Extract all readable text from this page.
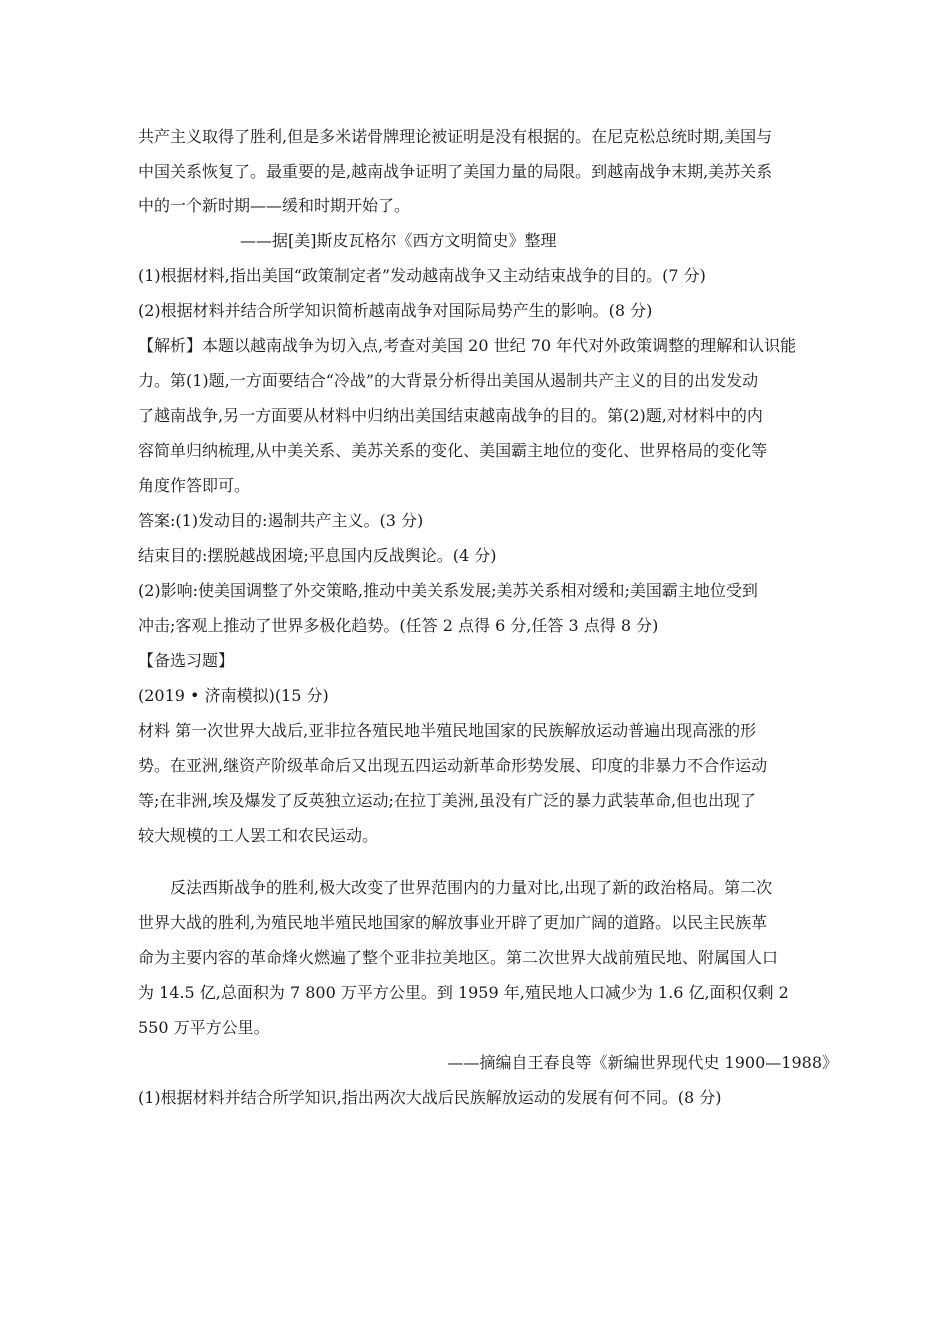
共产主义取得了胜利,但是多米诺骨牌理论被证明是没有根据的。在尼克松总统时期,美国与
中国关系恢复了。最重要的是,越南战争证明了美国力量的局限。到越南战争末期,美苏关系
中的一个新时期——缓和时期开始了。
——据[美]斯皮瓦格尔《西方文明简史》整理
(1)根据材料,指出美国“政策制定者”发动越南战争又主动结束战争的目的。(7 分)
(2)根据材料并结合所学知识简析越南战争对国际局势产生的影响。(8 分)
【解析】本题以越南战争为切入点,考查对美国 20 世纪 70 年代对外政策调整的理解和认识能
力。第(1)题,一方面要结合“冷战”的大背景分析得出美国从遏制共产主义的目的出发发动
了越南战争,另一方面要从材料中归纳出美国结束越南战争的目的。第(2)题,对材料中的内
容简单归纳梳理,从中美关系、美苏关系的变化、美国霸主地位的变化、世界格局的变化等
角度作答即可。
答案:(1)发动目的:遏制共产主义。(3 分)
结束目的:摆脱越战困境;平息国内反战舆论。(4 分)
(2)影响:使美国调整了外交策略,推动中美关系发展;美苏关系相对缓和;美国霸主地位受到
冲击;客观上推动了世界多极化趋势。(任答 2 点得 6 分,任答 3 点得 8 分)
【备选习题】
(2019 • 济南模拟)(15 分)
材料 第一次世界大战后,亚非拉各殖民地半殖民地国家的民族解放运动普遍出现高涨的形
势。在亚洲,继资产阶级革命后又出现五四运动新革命形势发展、印度的非暴力不合作运动
等;在非洲,埃及爆发了反英独立运动;在拉丁美洲,虽没有广泛的暴力武装革命,但也出现了
较大规模的工人罢工和农民运动。
反法西斯战争的胜利,极大改变了世界范围内的力量对比,出现了新的政治格局。第二次
世界大战的胜利,为殖民地半殖民地国家的解放事业开辟了更加广阔的道路。以民主民族革
命为主要内容的革命烽火燃遍了整个亚非拉美地区。第二次世界大战前殖民地、附属国人口
为 14.5 亿,总面积为 7 800 万平方公里。到 1959 年,殖民地人口减少为 1.6 亿,面积仅剩 2
550 万平方公里。
——摘编自王春良等《新编世界现代史 1900—1988》
(1)根据材料并结合所学知识,指出两次大战后民族解放运动的发展有何不同。(8 分)
